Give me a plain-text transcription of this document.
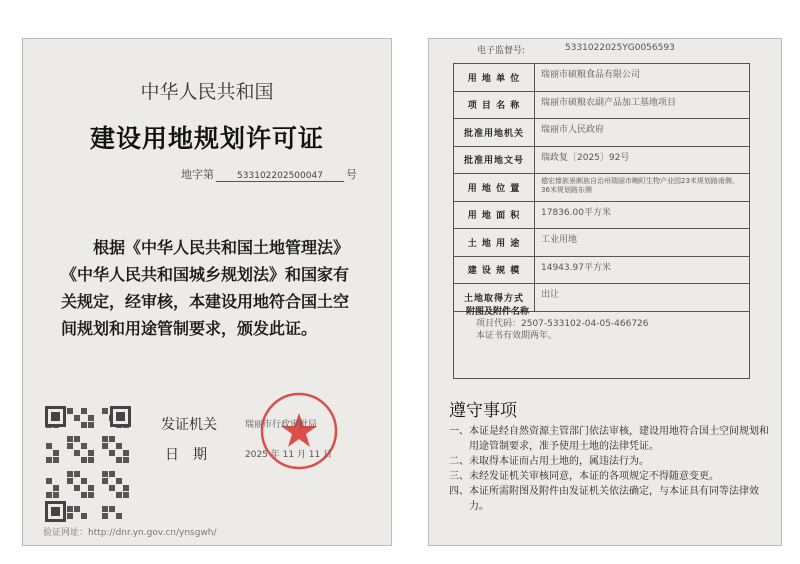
中华人民共和国
建设用地规划许可证
地字第	533102202500047 号
根据《中华人民共和国土地管理法》《中华人民共和国城乡规划法》和国家有关规定，经审核，本建设用地符合国土空间规划和用途管制要求，颁发此证。
发证机关	瑞丽市行政审批局
日　期	2025 年 11 月 11 日
验证网址：http://dnr.yn.gov.cn/ynsgwh/
电子监督号:	5331022025YG0056593
用 地 单 位	瑞丽市硕粮食品有限公司
项 目 名 称	瑞丽市硕粮农副产品加工基地项目
批准用地机关	瑞丽市人民政府
批准用地文号	瑞政复〔2025〕92号
用 地 位 置	德宏傣族景颇族自治州瑞丽市畹町生物产业园23米规划路南侧、36米规划路东侧
用 地 面 积	17836.00平方米
土 地 用 途	工业用地
建 设 规 模	14943.97平方米
土地取得方式	出让
附图及附件名称
项目代码：2507-533102-04-05-466726
本证书有效期两年。
遵守事项
一、本证是经自然资源主管部门依法审核，建设用地符合国土空间规划和用途管制要求，准予使用土地的法律凭证。
二、未取得本证而占用土地的，属违法行为。
三、未经发证机关审核同意，本证的各项规定不得随意变更。
四、本证所需附图及附件由发证机关依法确定，与本证具有同等法律效力。
